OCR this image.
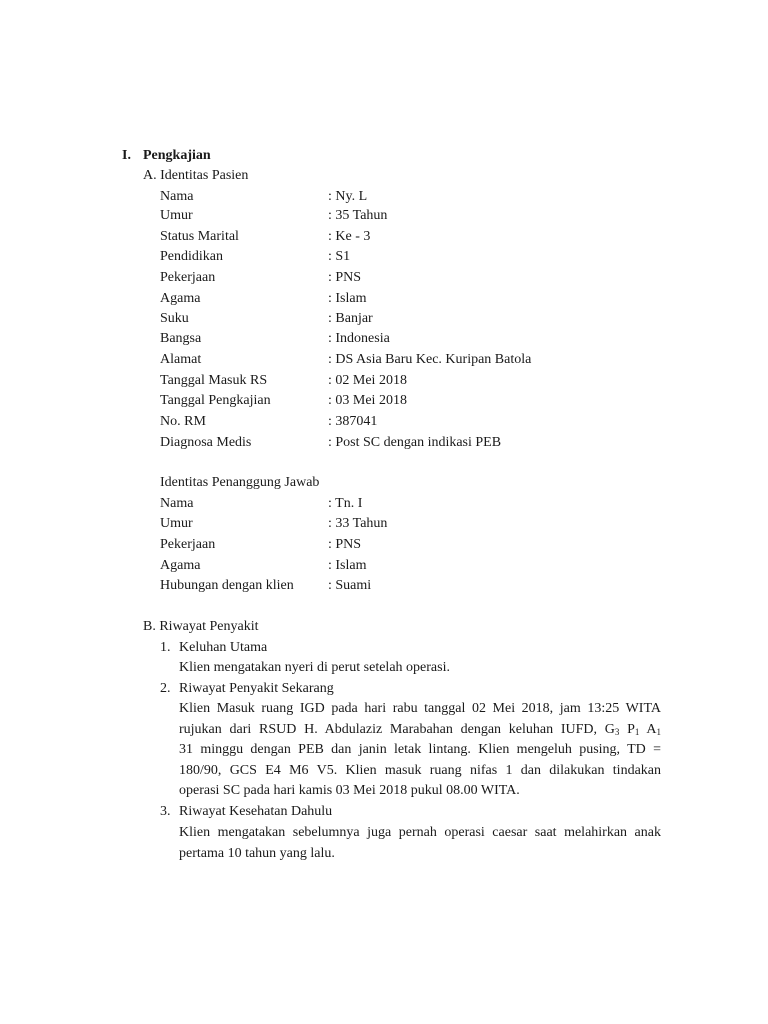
I. Pengkajian
A. Identitas Pasien
Nama	: Ny. L
Umur	: 35 Tahun
Status Marital	: Ke - 3
Pendidikan	: S1
Pekerjaan	: PNS
Agama	: Islam
Suku	: Banjar
Bangsa	: Indonesia
Alamat	: DS Asia Baru Kec. Kuripan Batola
Tanggal Masuk RS	: 02 Mei 2018
Tanggal Pengkajian	: 03 Mei 2018
No. RM	: 387041
Diagnosa Medis	: Post SC dengan indikasi PEB
Identitas Penanggung Jawab
Nama	: Tn. I
Umur	: 33 Tahun
Pekerjaan	: PNS
Agama	: Islam
Hubungan dengan klien : Suami
B. Riwayat Penyakit
1. Keluhan Utama
Klien mengatakan nyeri di perut setelah operasi.
2. Riwayat Penyakit Sekarang
Klien Masuk ruang IGD pada hari rabu tanggal 02 Mei 2018, jam 13:25 WITA
rujukan dari RSUD H. Abdulaziz Marabahan dengan keluhan IUFD, $G_3$ $P_1$ $A_1$
31 minggu dengan PEB dan janin letak lintang. Klien mengeluh pusing, TD =
180/90, GCS E4 M6 V5. Klien masuk ruang nifas 1 dan dilakukan tindakan
operasi SC pada hari kamis 03 Mei 2018 pukul 08.00 WITA.
3. Riwayat Kesehatan Dahulu
Klien mengatakan sebelumnya juga pernah operasi caesar saat melahirkan anak
pertama 10 tahun yang lalu.
